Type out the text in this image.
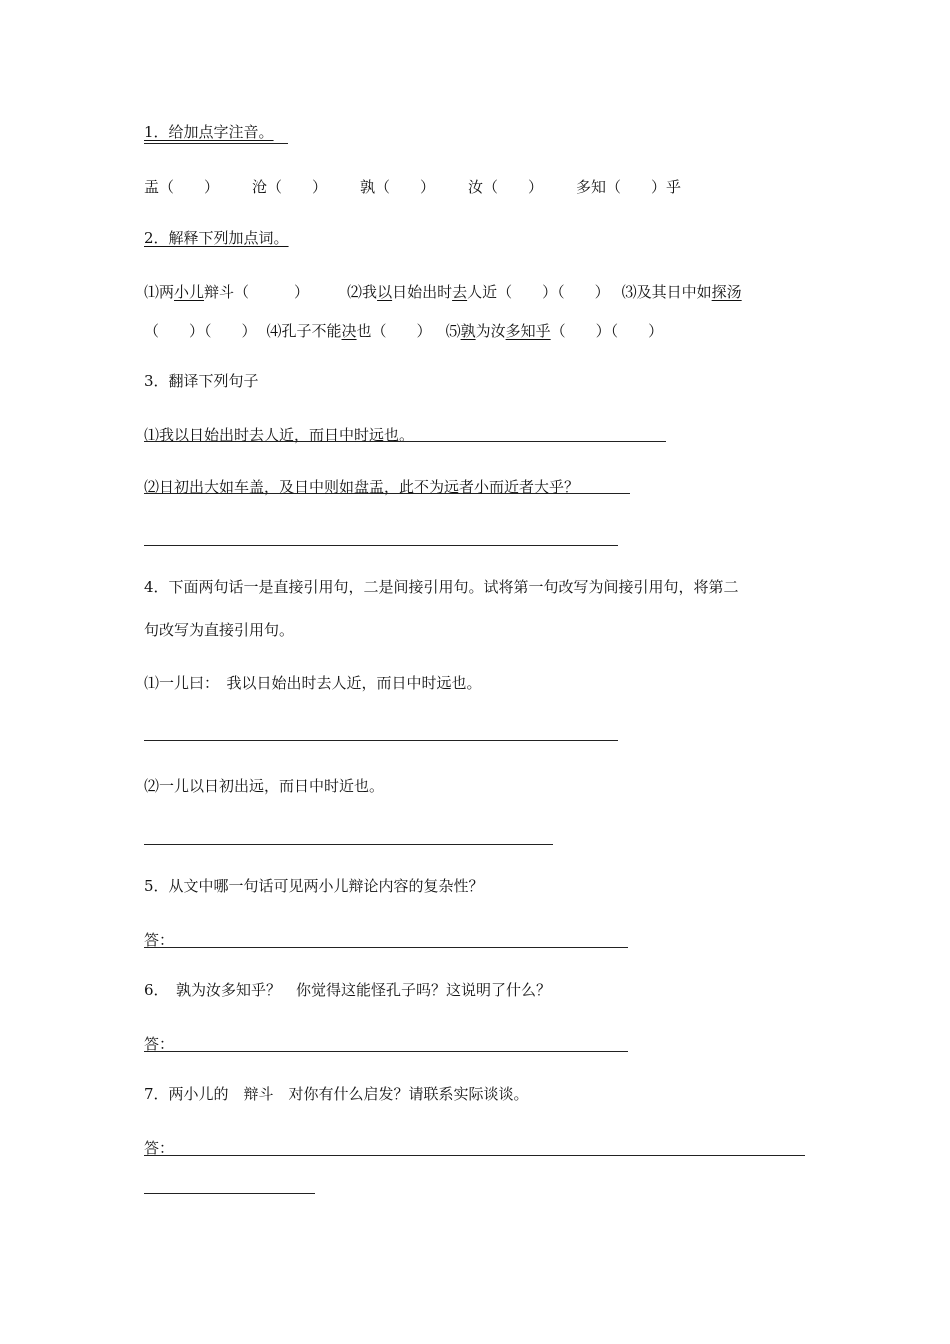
1．给加点字注音。
盂（　　） 沧（　　） 孰（　　） 汝（　　） 多知（　　）乎
2．解释下列加点词。
⑴两小儿辩斗（　　　）	⑵我以日始出时去人近（　　）（　　） ⑶及其日中如探汤
（　　）（　　） ⑷孔子不能决也（　　） ⑸孰为汝多知乎（　　）（　　）
3．翻译下列句子
⑴我以日始出时去人近，而日中时远也。
⑵日初出大如车盖，及日中则如盘盂，此不为远者小而近者大乎？
4．下面两句话一是直接引用句，二是间接引用句。试将第一句改写为间接引用句，将第二
句改写为直接引用句。
⑴一儿曰：　我以日始出时去人近，而日中时远也。
⑵一儿以日初出远，而日中时近也。
5．从文中哪一句话可见两小儿辩论内容的复杂性？
答：
6．　孰为汝多知乎？　你觉得这能怪孔子吗？这说明了什么？
答：
7．两小儿的　辩斗　对你有什么启发？请联系实际谈谈。
答：
